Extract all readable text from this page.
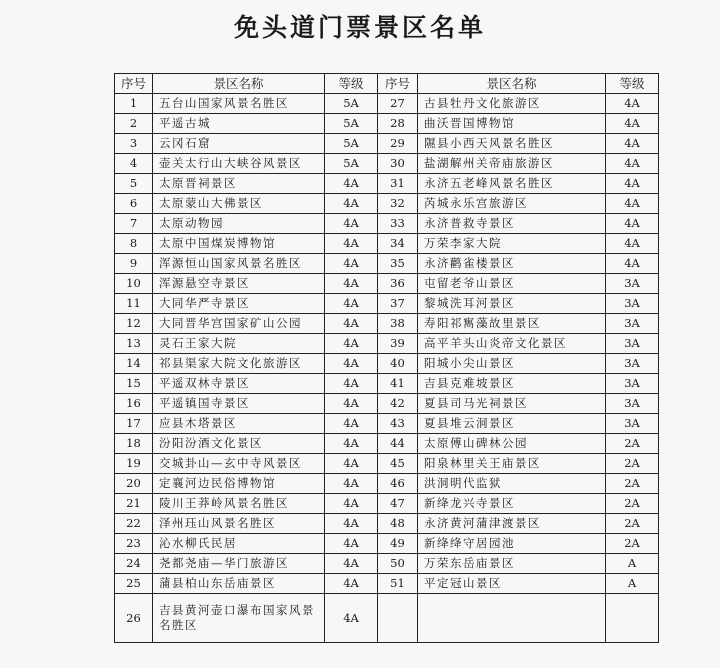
免头道门票景区名单
序号	景区名称	等级	序号	景区名称	等级
1	五台山国家风景名胜区	5A	27	古县牡丹文化旅游区	4A
2	平遥古城	5A	28	曲沃晋国博物馆	4A
3	云冈石窟	5A	29	隰县小西天风景名胜区	4A
4	壶关太行山大峡谷风景区	5A	30	盐湖解州关帝庙旅游区	4A
5	太原晋祠景区	4A	31	永济五老峰风景名胜区	4A
6	太原蒙山大佛景区	4A	32	芮城永乐宫旅游区	4A
7	太原动物园	4A	33	永济普救寺景区	4A
8	太原中国煤炭博物馆	4A	34	万荣李家大院	4A
9	浑源恒山国家风景名胜区	4A	35	永济鹳雀楼景区	4A
10	浑源悬空寺景区	4A	36	屯留老爷山景区	3A
11	大同华严寺景区	4A	37	黎城洗耳河景区	3A
12	大同晋华宫国家矿山公园	4A	38	寿阳祁寯藻故里景区	3A
13	灵石王家大院	4A	39	高平羊头山炎帝文化景区	3A
14	祁县渠家大院文化旅游区	4A	40	阳城小尖山景区	3A
15	平遥双林寺景区	4A	41	吉县克难坡景区	3A
16	平遥镇国寺景区	4A	42	夏县司马光祠景区	3A
17	应县木塔景区	4A	43	夏县堆云洞景区	3A
18	汾阳汾酒文化景区	4A	44	太原傅山碑林公园	2A
19	交城卦山—玄中寺风景区	4A	45	阳泉林里关王庙景区	2A
20	定襄河边民俗博物馆	4A	46	洪洞明代监狱	2A
21	陵川王莽岭风景名胜区	4A	47	新绛龙兴寺景区	2A
22	泽州珏山风景名胜区	4A	48	永济黄河蒲津渡景区	2A
23	沁水柳氏民居	4A	49	新绛绛守居园池	2A
24	尧都尧庙—华门旅游区	4A	50	万荣东岳庙景区	A
25	蒲县柏山东岳庙景区	4A	51	平定冠山景区	A
26	吉县黄河壶口瀑布国家风景名胜区	4A			
